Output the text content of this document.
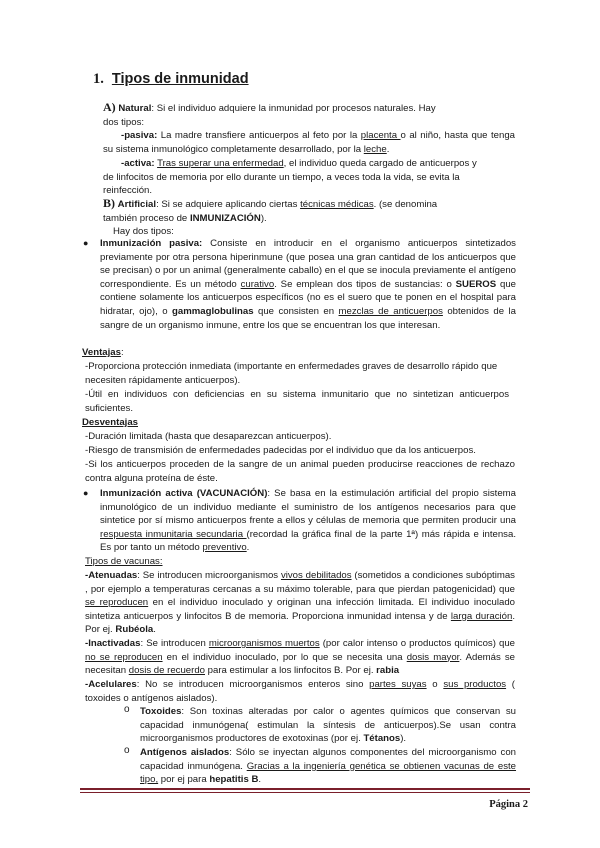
1. Tipos de inmunidad
A) Natural: Si el individuo adquiere la inmunidad por procesos naturales. Hay
dos tipos:
-pasiva: La madre transfiere anticuerpos al feto por la placenta o al niño, hasta que tenga su sistema inmunológico completamente desarrollado, por la leche.
-activa: Tras superar una enfermedad, el individuo queda cargado de anticuerpos y
de linfocitos de memoria por ello durante un tiempo, a veces toda la vida, se evita la
reinfección.
B) Artificial: Si se adquiere aplicando ciertas técnicas médicas. (se denomina
también proceso de INMUNIZACIÓN).
Hay dos tipos:
● Inmunización pasiva: Consiste en introducir en el organismo anticuerpos sintetizados previamente por otra persona hiperinmune (que posea una gran cantidad de los anticuerpos que se precisan) o por un animal (generalmente caballo) en el que se inocula previamente el antígeno correspondiente. Es un método curativo. Se emplean dos tipos de sustancias: o SUEROS que contiene solamente los anticuerpos específicos (no es el suero que te ponen en el hospital para hidratar, ojo), o gammaglobulinas que consisten en mezclas de anticuerpos obtenidos de la sangre de un organismo inmune, entre los que se encuentran los que interesan.
Ventajas:
-Proporciona protección inmediata (importante en enfermedades graves de desarrollo rápido que necesiten rápidamente anticuerpos).
-Útil en individuos con deficiencias en su sistema inmunitario que no sintetizan anticuerpos suficientes.
Desventajas
-Duración limitada (hasta que desaparezcan anticuerpos).
-Riesgo de transmisión de enfermedades padecidas por el individuo que da los anticuerpos.
-Si los anticuerpos proceden de la sangre de un animal pueden producirse reacciones de rechazo contra alguna proteína de éste.
● Inmunización activa (VACUNACIÓN): Se basa en la estimulación artificial del propio sistema inmunológico de un individuo mediante el suministro de los antígenos necesarios para que sintetice por sí mismo anticuerpos frente a ellos y células de memoria que permiten producir una respuesta inmunitaria secundaria (recordad la gráfica final de la parte 1ª) más rápida e intensa. Es por tanto un método preventivo.
Tipos de vacunas:
-Atenuadas: Se introducen microorganismos vivos debilitados (sometidos a condiciones subóptimas , por ejemplo a temperaturas cercanas a su máximo tolerable, para que pierdan patogenicidad) que se reproducen en el individuo inoculado y originan una infección limitada. El individuo inoculado sintetiza anticuerpos y linfocitos B de memoria. Proporciona inmunidad intensa y de larga duración. Por ej. Rubéola.
-Inactivadas: Se introducen microorganismos muertos (por calor intenso o productos químicos) que no se reproducen en el individuo inoculado, por lo que se necesita una dosis mayor. Además se necesitan dosis de recuerdo para estimular a los linfocitos B. Por ej. rabia
-Acelulares: No se introducen microorganismos enteros sino partes suyas o sus productos ( toxoides o antígenos aislados).
o Toxoides: Son toxinas alteradas por calor o agentes químicos que conservan su capacidad inmunógena( estimulan la síntesis de anticuerpos).Se usan contra microorganismos productores de exotoxinas (por ej. Tétanos).
o Antígenos aislados: Sólo se inyectan algunos componentes del microorganismo con capacidad inmunógena. Gracias a la ingeniería genética se obtienen vacunas de este tipo, por ej para hepatitis B.
Página 2
